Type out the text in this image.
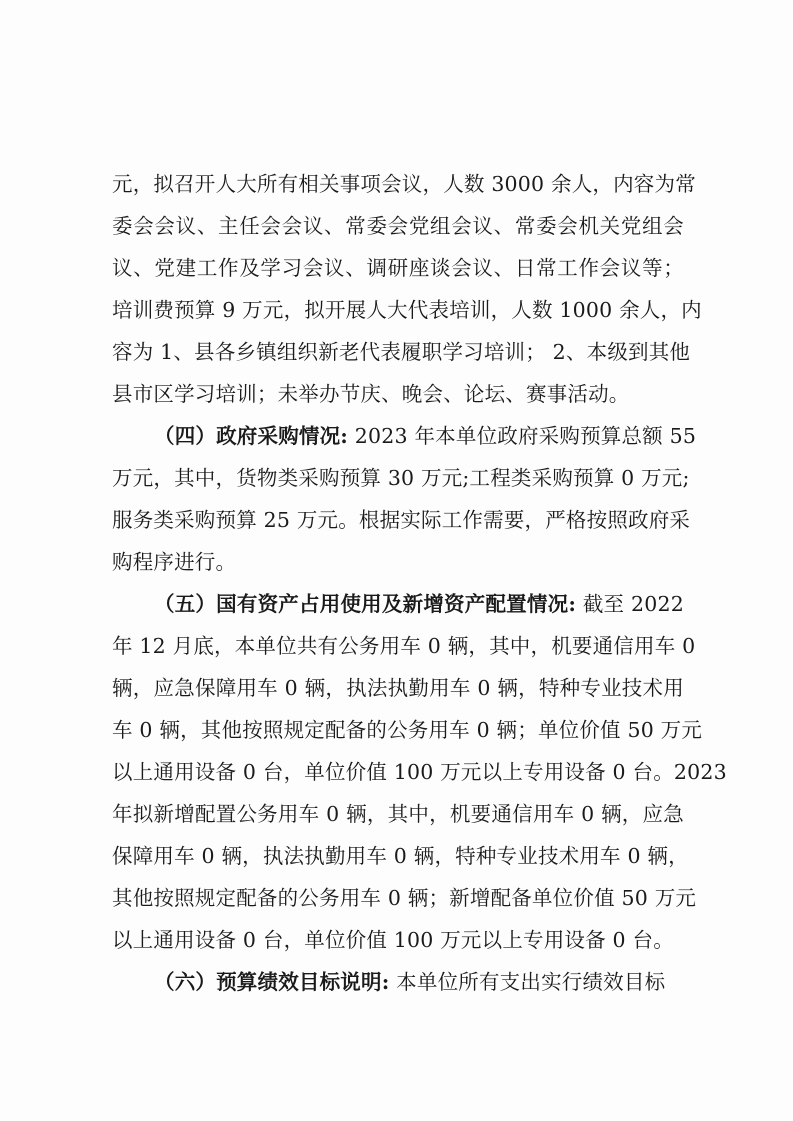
元，拟召开人大所有相关事项会议，人数 3000 余人，内容为常
委会会议、主任会会议、常委会党组会议、常委会机关党组会
议、党建工作及学习会议、调研座谈会议、日常工作会议等；
培训费预算 9 万元，拟开展人大代表培训，人数 1000 余人，内
容为 1、县各乡镇组织新老代表履职学习培训； 2、本级到其他
县市区学习培训；未举办节庆、晚会、论坛、赛事活动。
（四）政府采购情况: 2023 年本单位政府采购预算总额 55
万元，其中，货物类采购预算 30 万元;工程类采购预算 0 万元;
服务类采购预算 25 万元。根据实际工作需要，严格按照政府采
购程序进行。
（五）国有资产占用使用及新增资产配置情况: 截至 2022
年 12 月底，本单位共有公务用车 0 辆，其中，机要通信用车 0
辆，应急保障用车 0 辆，执法执勤用车 0 辆，特种专业技术用
车 0 辆，其他按照规定配备的公务用车 0 辆；单位价值 50 万元
以上通用设备 0 台，单位价值 100 万元以上专用设备 0 台。2023
年拟新增配置公务用车 0 辆，其中，机要通信用车 0 辆，应急
保障用车 0 辆，执法执勤用车 0 辆，特种专业技术用车 0 辆，
其他按照规定配备的公务用车 0 辆；新增配备单位价值 50 万元
以上通用设备 0 台，单位价值 100 万元以上专用设备 0 台。
（六）预算绩效目标说明: 本单位所有支出实行绩效目标
